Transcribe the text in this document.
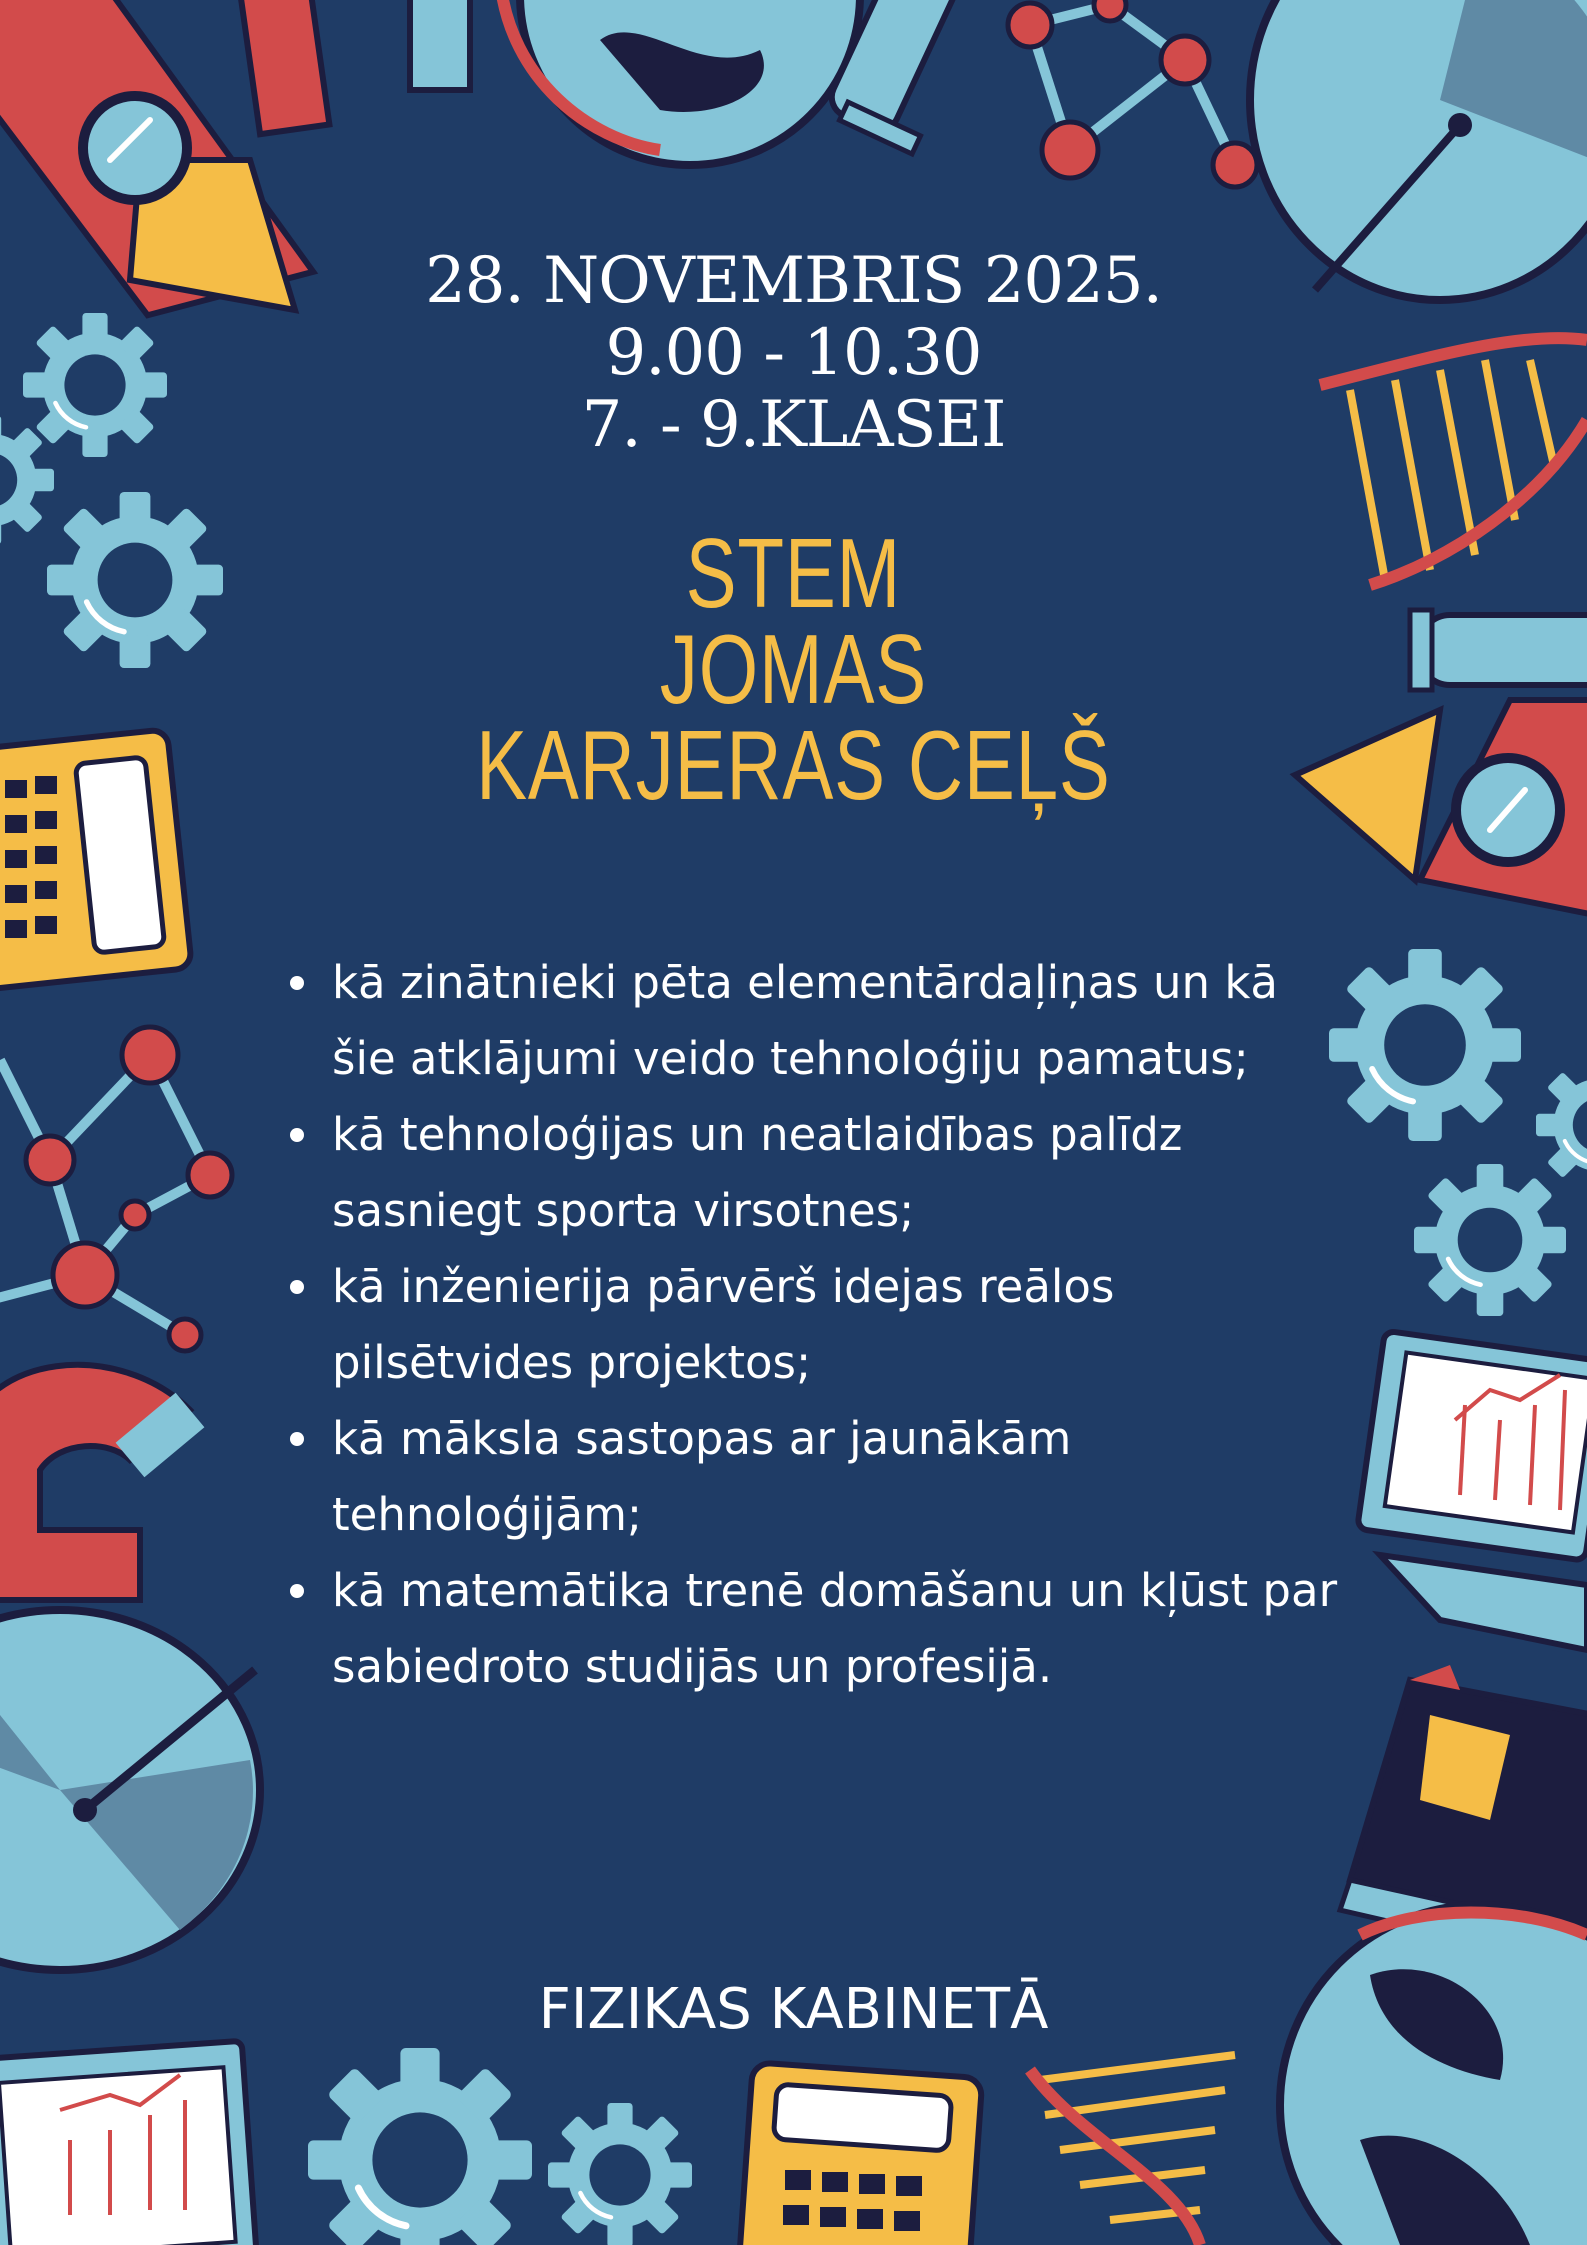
28. NOVEMBRIS 2025.
9.00 - 10.30
7. - 9.KLASEI
STEM
JOMAS
KARJERAS CEĻŠ
kā zinātnieki pēta elementārdaļiņas un kā šie atklājumi veido tehnoloģiju pamatus;
kā tehnoloģijas un neatlaidības palīdz sasniegt sporta virsotnes;
kā inženierija pārvērš idejas reālos pilsētvides projektos;
kā māksla sastopas ar jaunākām tehnoloģijām;
kā matemātika trenē domāšanu un kļūst par sabiedroto studijās un profesijā.
FIZIKAS KABINETĀ
